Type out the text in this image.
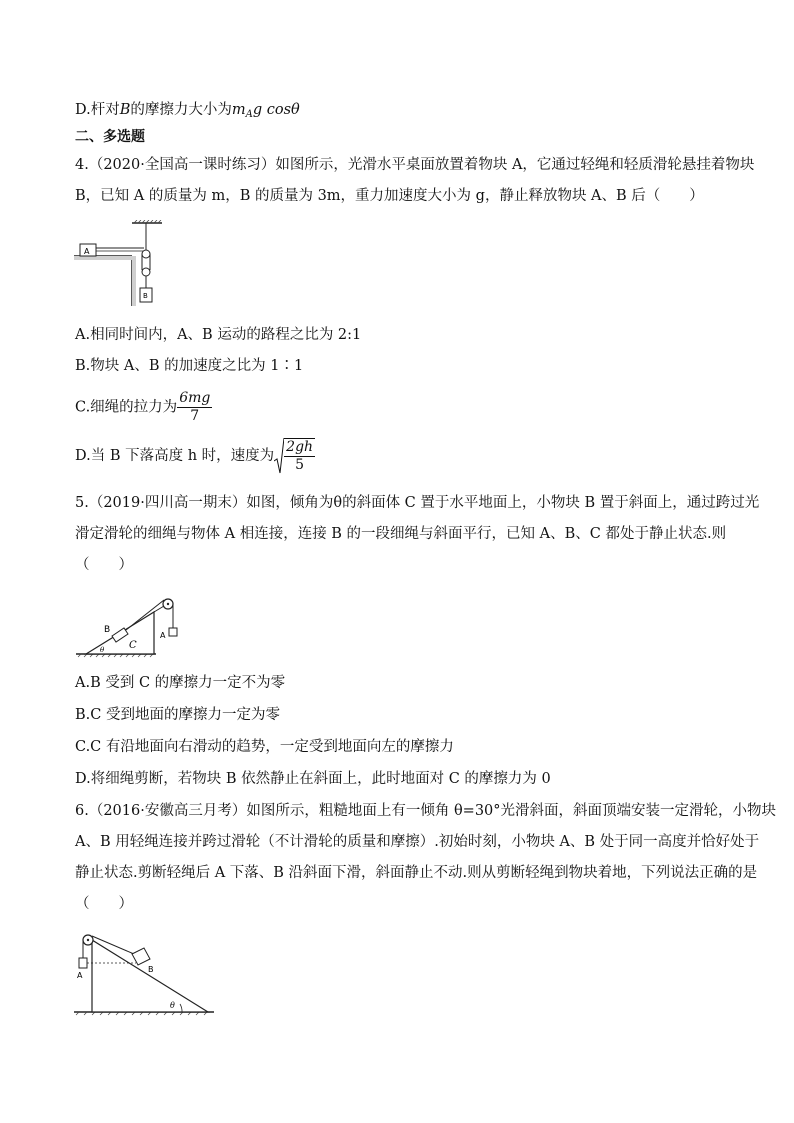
D.杆对B的摩擦力大小为$m_Ag$ cosθ
二、多选题
4.（2020·全国高一课时练习）如图所示，光滑水平桌面放置着物块 A，它通过轻绳和轻质滑轮悬挂着物块
B，已知 A 的质量为 m，B 的质量为 3m，重力加速度大小为 g，静止释放物块 A、B 后（　　）
A
B
A.相同时间内，A、B 运动的路程之比为 2:1
B.物块 A、B 的加速度之比为 1∶1
C.细绳的拉力为 $\frac{6mg}{7}$
D.当 B 下落高度 h 时，速度为 $\frac{2gh}{5}$
5.（2019·四川高一期末）如图，倾角为θ的斜面体 C 置于水平地面上，小物块 B 置于斜面上，通过跨过光
滑定滑轮的细绳与物体 A 相连接，连接 B 的一段细绳与斜面平行，已知 A、B、C 都处于静止状态.则
（　　）
C
θ
B
A
A.B 受到 C 的摩擦力一定不为零
B.C 受到地面的摩擦力一定为零
C.C 有沿地面向右滑动的趋势，一定受到地面向左的摩擦力
D.将细绳剪断，若物块 B 依然静止在斜面上，此时地面对 C 的摩擦力为 0
6.（2016·安徽高三月考）如图所示，粗糙地面上有一倾角 θ=30°光滑斜面，斜面顶端安装一定滑轮，小物块
A、B 用轻绳连接并跨过滑轮（不计滑轮的质量和摩擦）.初始时刻，小物块 A、B 处于同一高度并恰好处于
静止状态.剪断轻绳后 A 下落、B 沿斜面下滑，斜面静止不动.则从剪断轻绳到物块着地，下列说法正确的是
（　　）
θ
A
B
